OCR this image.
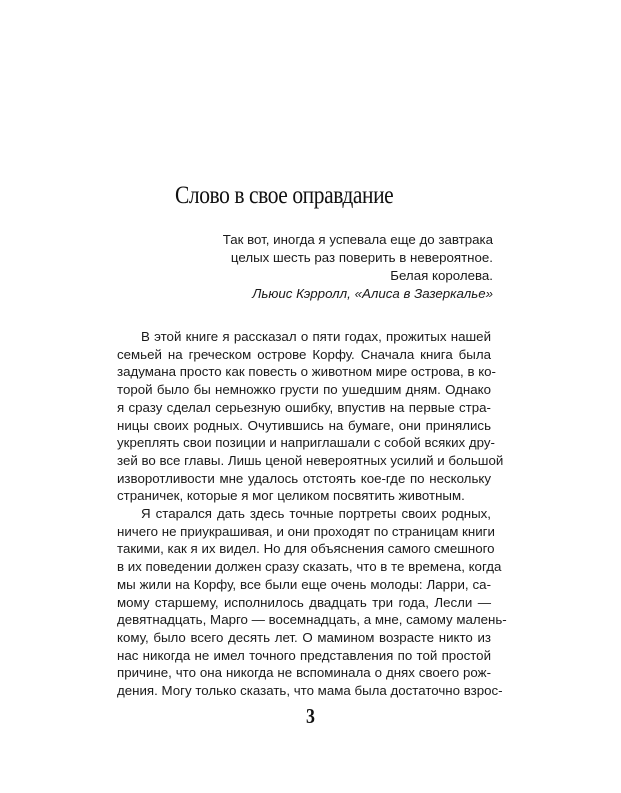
Слово в свое оправдание
Так вот, иногда я успевала еще до завтрака
целых шесть раз поверить в невероятное.
Белая королева.
Льюис Кэрролл, «Алиса в Зазеркалье»
В этой книге я рассказал о пяти годах, прожитых нашей
семьей на греческом острове Корфу. Сначала книга была
задумана просто как повесть о животном мире острова, в ко-
торой было бы немножко грусти по ушедшим дням. Однако
я сразу сделал серьезную ошибку, впустив на первые стра-
ницы своих родных. Очутившись на бумаге, они принялись
укреплять свои позиции и наприглашали с собой всяких дру-
зей во все главы. Лишь ценой невероятных усилий и большой
изворотливости мне удалось отстоять кое-где по нескольку
страничек, которые я мог целиком посвятить животным.
Я старался дать здесь точные портреты своих родных,
ничего не приукрашивая, и они проходят по страницам книги
такими, как я их видел. Но для объяснения самого смешного
в их поведении должен сразу сказать, что в те времена, когда
мы жили на Корфу, все были еще очень молоды: Ларри, са-
мому старшему, исполнилось двадцать три года, Лесли —
девятнадцать, Марго — восемнадцать, а мне, самому малень-
кому, было всего десять лет. О мамином возрасте никто из
нас никогда не имел точного представления по той простой
причине, что она никогда не вспоминала о днях своего рож-
дения. Могу только сказать, что мама была достаточно взрос-
3
